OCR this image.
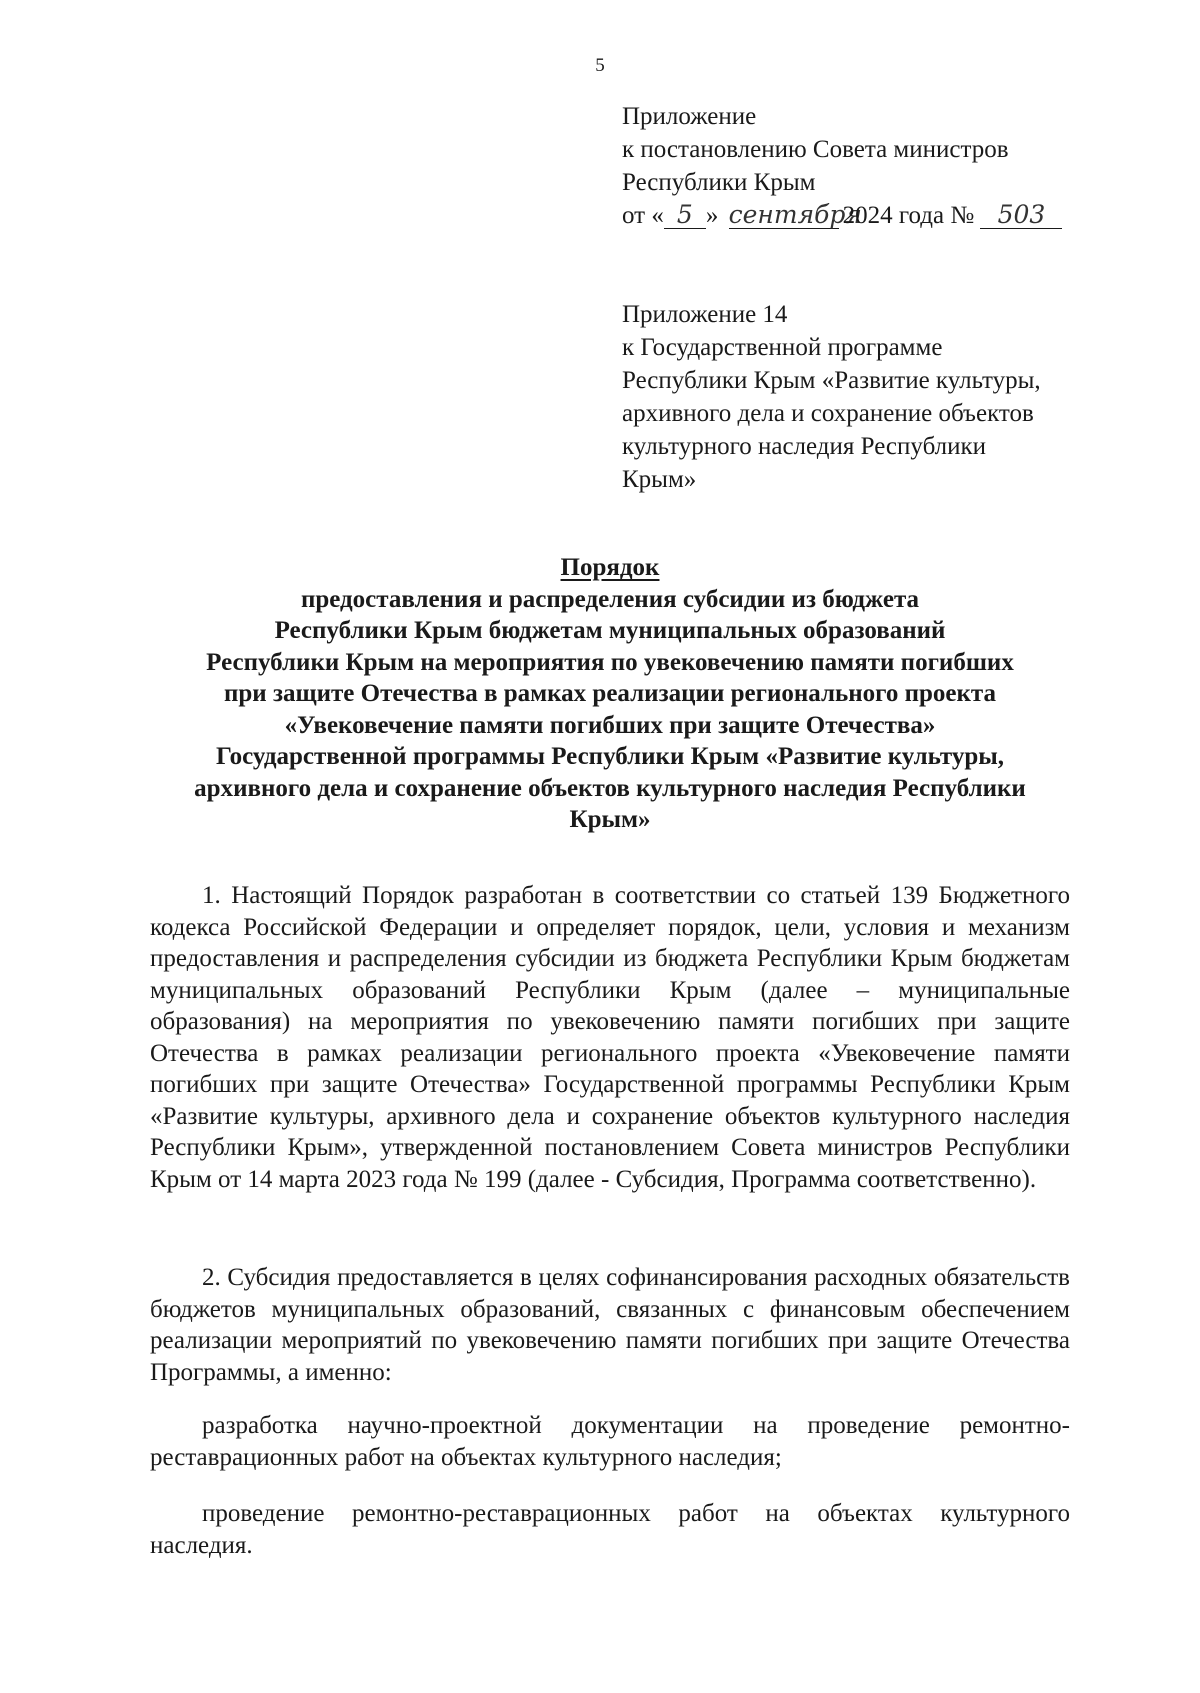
5
Приложение
к постановлению Совета министров
Республики Крым
от « 5 » сентября2024 года № 503
Приложение 14
к Государственной программе
Республики Крым «Развитие культуры,
архивного дела и сохранение объектов
культурного наследия Республики
Крым»
Порядок
предоставления и распределения субсидии из бюджета
Республики Крым бюджетам муниципальных образований
Республики Крым на мероприятия по увековечению памяти погибших
при защите Отечества в рамках реализации регионального проекта
«Увековечение памяти погибших при защите Отечества»
Государственной программы Республики Крым «Развитие культуры,
архивного дела и сохранение объектов культурного наследия Республики
Крым»

1. Настоящий Порядок разработан в соответствии со статьей 139 Бюджетного кодекса Российской Федерации и определяет порядок, цели, условия и механизм предоставления и распределения субсидии из бюджета Республики Крым бюджетам муниципальных образований Республики Крым (далее – муниципальные образования) на мероприятия по увековечению памяти погибших при защите Отечества в рамках реализации регионального проекта «Увековечение памяти погибших при защите Отечества» Государственной программы Республики Крым «Развитие культуры, архивного дела и сохранение объектов культурного наследия Республики Крым», утвержденной постановлением Совета министров Республики Крым от 14 марта 2023 года № 199 (далее - Субсидия, Программа соответственно).

2. Субсидия предоставляется в целях софинансирования расходных обязательств бюджетов муниципальных образований, связанных с финансовым обеспечением реализации мероприятий по увековечению памяти погибших при защите Отечества Программы, а именно:

разработка научно-проектной документации на проведение ремонтно-реставрационных работ на объектах культурного наследия;

проведение ремонтно-реставрационных работ на объектах культурного наследия.
